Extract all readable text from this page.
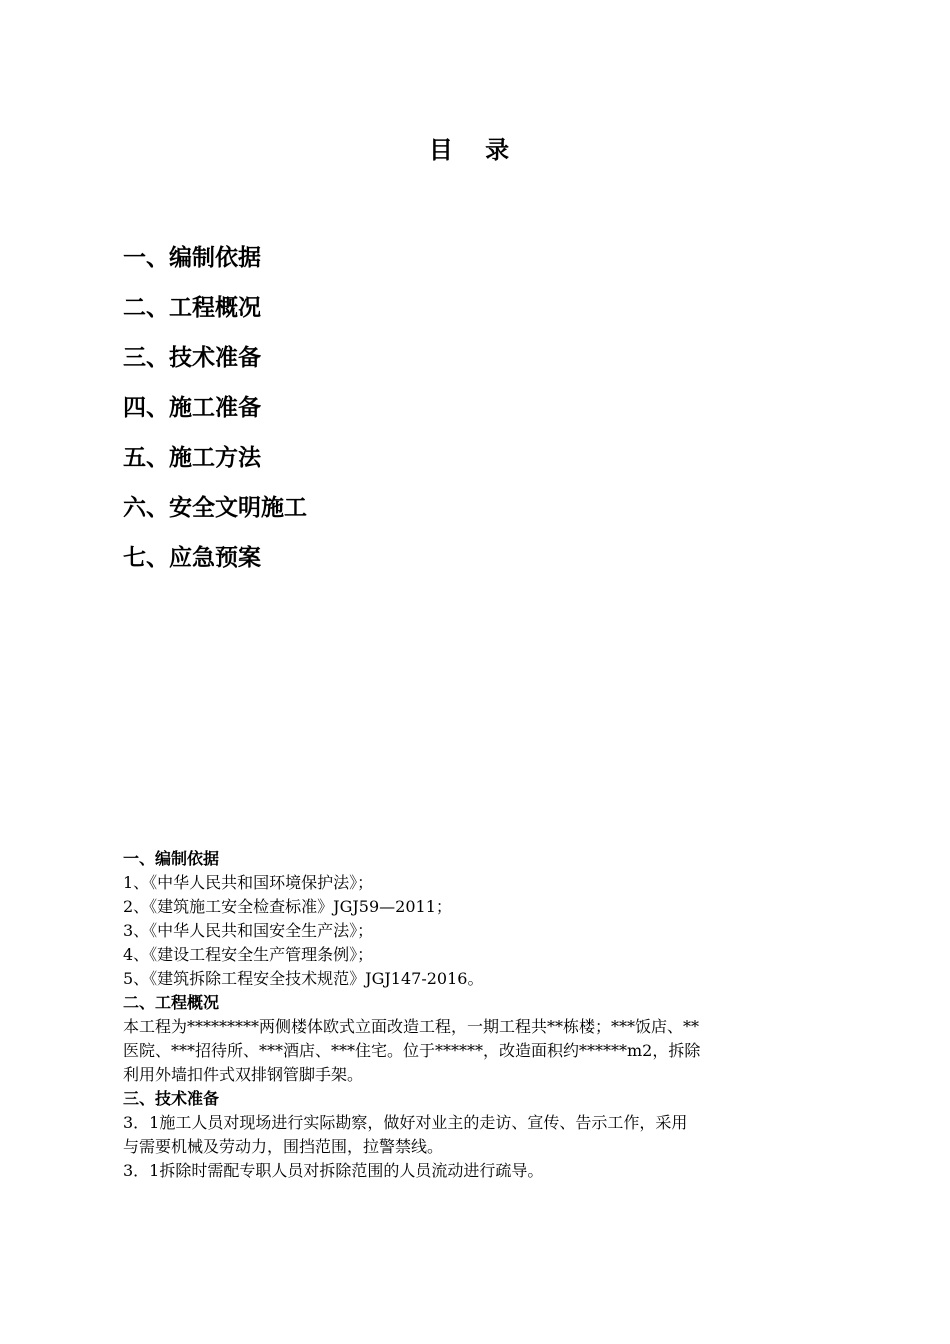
目 录
一、编制依据
二、工程概况
三、技术准备
四、施工准备
五、施工方法
六、安全文明施工
七、应急预案
一、编制依据
1、《中华人民共和国环境保护法》；
2、《建筑施工安全检查标准》JGJ59—2011；
3、《中华人民共和国安全生产法》；
4、《建设工程安全生产管理条例》；
5、《建筑拆除工程安全技术规范》JGJ147-2016。
二、工程概况
本工程为*********两侧楼体欧式立面改造工程，一期工程共**栋楼；***饭店、**
医院、***招待所、***酒店、***住宅。位于******，改造面积约******m2，拆除
利用外墙扣件式双排钢管脚手架。
三、技术准备
3．1施工人员对现场进行实际勘察，做好对业主的走访、宣传、告示工作，采用
与需要机械及劳动力，围挡范围，拉警禁线。
3．1拆除时需配专职人员对拆除范围的人员流动进行疏导。
